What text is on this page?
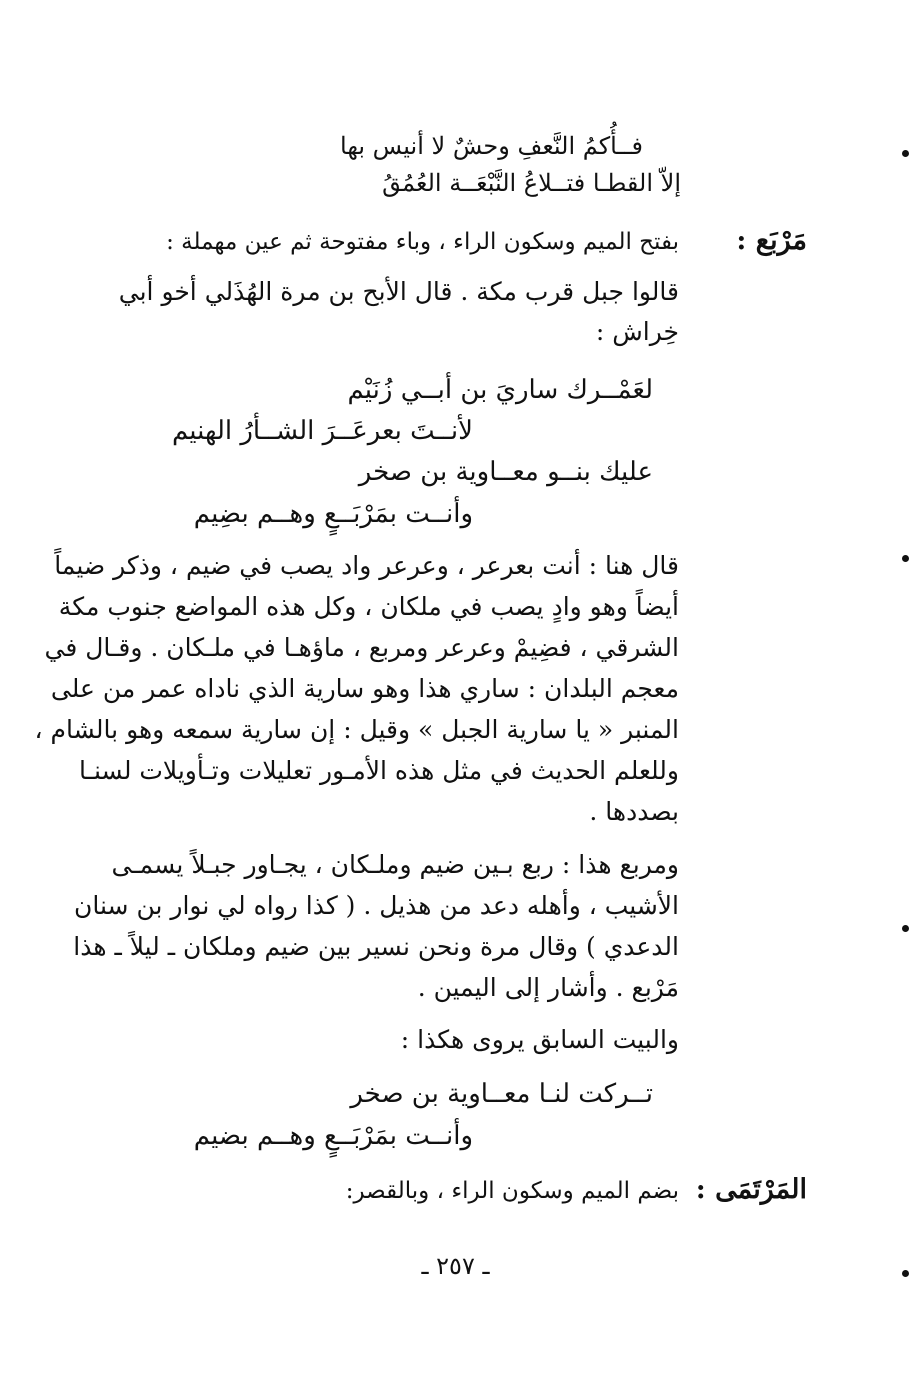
فــأُكمُ النَّعفِ وحشٌ لا أنيس بها
إلاّ القطـا فتــلاعُ النَّبْعَــة العُمُقُ
مَرْبَع :
بفتح الميم وسكون الراء ، وباء مفتوحة ثم عين مهملة :
قالوا جبل قرب مكة . قال الأبح بن مرة الهُذَلي أخو أبي
خِراش :
لعَمْــرك ساريَ بن أبــي زُنَيْم
لأنــتَ بعرعَــرَ الشــأرُ الهنيم
عليك بنــو معــاوية بن صخر
وأنــت بمَرْبَــعٍ وهــم بضِيم
قال هنا : أنت بعرعر ، وعرعر واد يصب في ضيم ، وذكر ضيماً
أيضاً وهو وادٍ يصب في ملكان ، وكل هذه المواضع جنوب مكة
الشرقي ، فضِيمْ وعرعر ومربع ، ماؤهـا في ملـكان . وقـال في
معجم البلدان : ساري هذا وهو سارية الذي ناداه عمر من على
المنبر « يا سارية الجبل » وقيل : إن سارية سمعه وهو بالشام ،
وللعلم الحديث في مثل هذه الأمـور تعليلات وتـأويلات لسنـا
بصددها .
ومربع هذا : ربع بـين ضيم وملـكان ، يجـاور جبـلاً يسمـى
الأشيب ، وأهله دعد من هذيل . ( كذا رواه لي نوار بن سنان
الدعدي ) وقال مرة ونحن نسير بين ضيم وملكان ـ ليلاً ـ هذا
مَرْبع . وأشار إلى اليمين .
والبيت السابق يروى هكذا :
تــركت لنـا معــاوية بن صخر
وأنــت بمَرْبَــعٍ وهــم بضيم
المَرْتَمَى :
بضم الميم وسكون الراء ، وبالقصر:
ـ ٢٥٧ ـ
